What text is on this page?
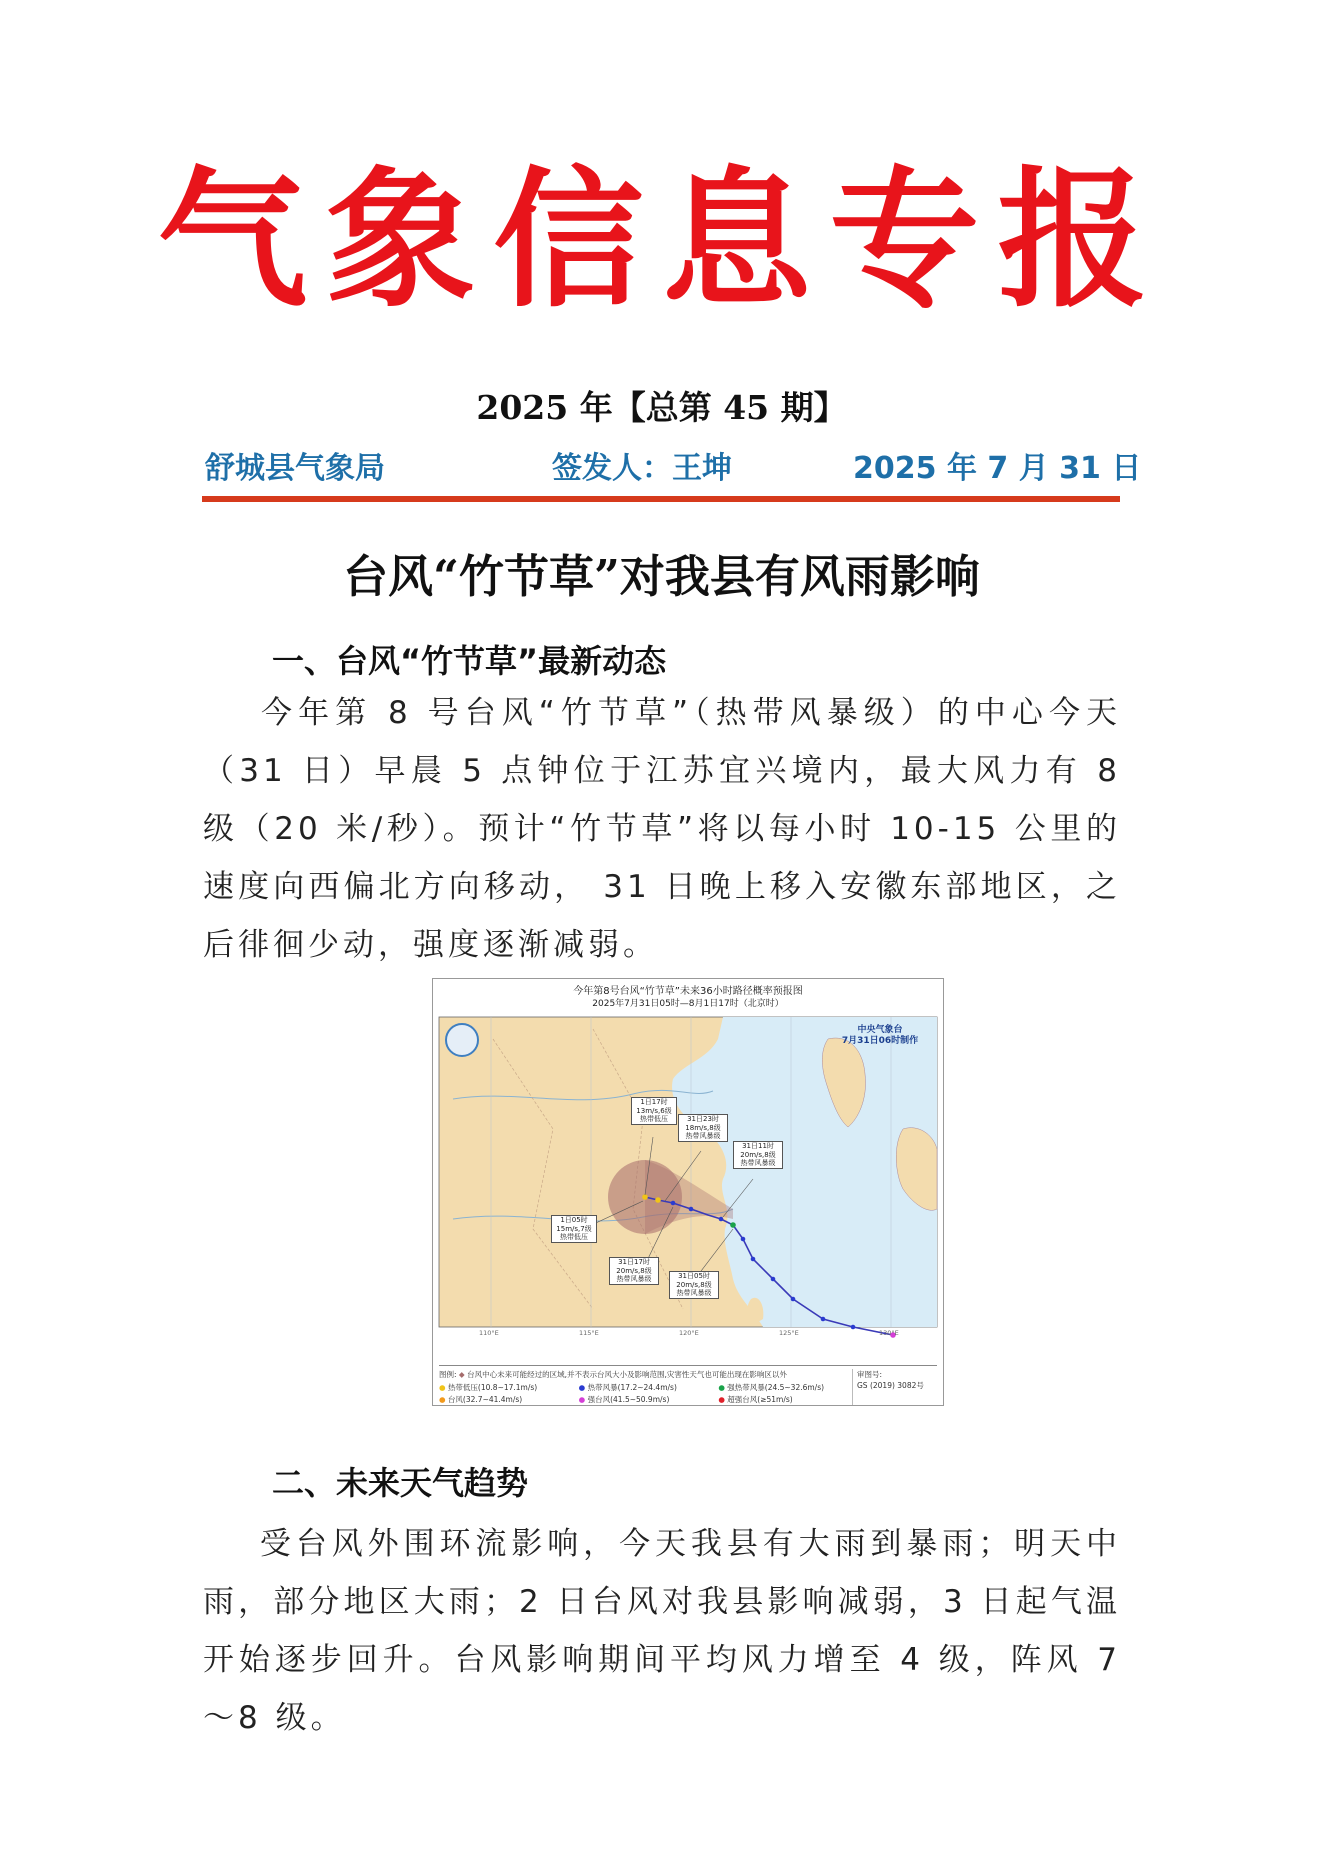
气象信息专报
2025 年【总第 45 期】
舒城县气象局	签发人：王坤	2025 年 7 月 31 日
台风“竹节草”对我县有风雨影响
一、台风“竹节草”最新动态
今年第 8 号台风“竹节草”（热带风暴级）的中心今天（31 日）早晨 5 点钟位于江苏宜兴境内，最大风力有 8 级（20 米/秒）。预计“竹节草”将以每小时 10-15 公里的速度向西偏北方向移动， 31 日晚上移入安徽东部地区，之后徘徊少动，强度逐渐减弱。
今年第8号台风“竹节草”未来36小时路径概率预报图
2025年7月31日05时—8月1日17时（北京时）
1日17时
13m/s,6级
热带低压	31日23时
18m/s,8级
热带风暴级
31日11时
20m/s,8级
热带风暴级
1日05时
15m/s,7级
热带低压
31日17时
20m/s,8级
热带风暴级	31日05时
20m/s,8级
热带风暴级
中央气象台
7月31日06时制作
110°E	115°E	120°E	125°E	130°E
图例: ◆ 台风中心未来可能经过的区域,并不表示台风大小及影响范围,灾害性天气也可能出现在影响区以外
● 热带低压(10.8~17.1m/s)	● 热带风暴(17.2~24.4m/s)	● 强热带风暴(24.5~32.6m/s)
● 台风(32.7~41.4m/s)	● 强台风(41.5~50.9m/s)	● 超强台风(≥51m/s)
审图号:
GS (2019) 3082号
二、未来天气趋势
受台风外围环流影响，今天我县有大雨到暴雨；明天中雨，部分地区大雨；2 日台风对我县影响减弱，3 日起气温开始逐步回升。台风影响期间平均风力增至 4 级，阵风 7～8 级。
